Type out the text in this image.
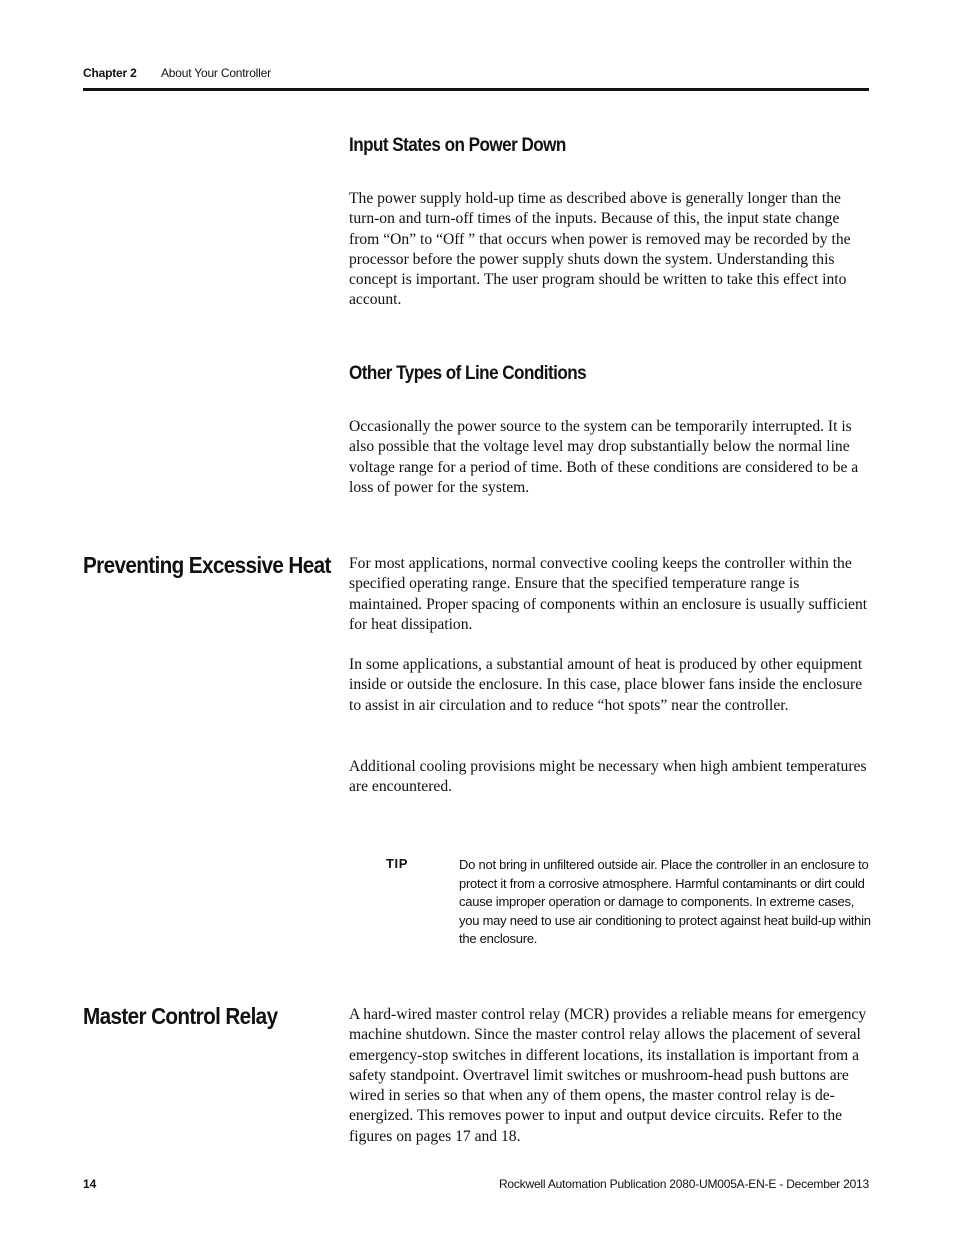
Chapter 2 About Your Controller
Input States on Power Down
The power supply hold-up time as described above is generally longer than the turn-on and turn-off times of the inputs. Because of this, the input state change from “On” to “Off ” that occurs when power is removed may be recorded by the processor before the power supply shuts down the system. Understanding this concept is important. The user program should be written to take this effect into account.
Other Types of Line Conditions
Occasionally the power source to the system can be temporarily interrupted. It is also possible that the voltage level may drop substantially below the normal line voltage range for a period of time. Both of these conditions are considered to be a loss of power for the system.
Preventing Excessive Heat For most applications, normal convective cooling keeps the controller within the specified operating range. Ensure that the specified temperature range is maintained. Proper spacing of components within an enclosure is usually sufficient for heat dissipation.
In some applications, a substantial amount of heat is produced by other equipment inside or outside the enclosure. In this case, place blower fans inside the enclosure to assist in air circulation and to reduce “hot spots” near the controller.
Additional cooling provisions might be necessary when high ambient temperatures are encountered.
TIP	Do not bring in unfiltered outside air. Place the controller in an enclosure to protect it from a corrosive atmosphere. Harmful contaminants or dirt could cause improper operation or damage to components. In extreme cases, you may need to use air conditioning to protect against heat build-up within the enclosure.
Master Control Relay	A hard-wired master control relay (MCR) provides a reliable means for emergency machine shutdown. Since the master control relay allows the placement of several emergency-stop switches in different locations, its installation is important from a safety standpoint. Overtravel limit switches or mushroom-head push buttons are wired in series so that when any of them opens, the master control relay is de-energized. This removes power to input and output device circuits. Refer to the figures on pages 17 and 18.
14	Rockwell Automation Publication 2080-UM005A-EN-E - December 2013
